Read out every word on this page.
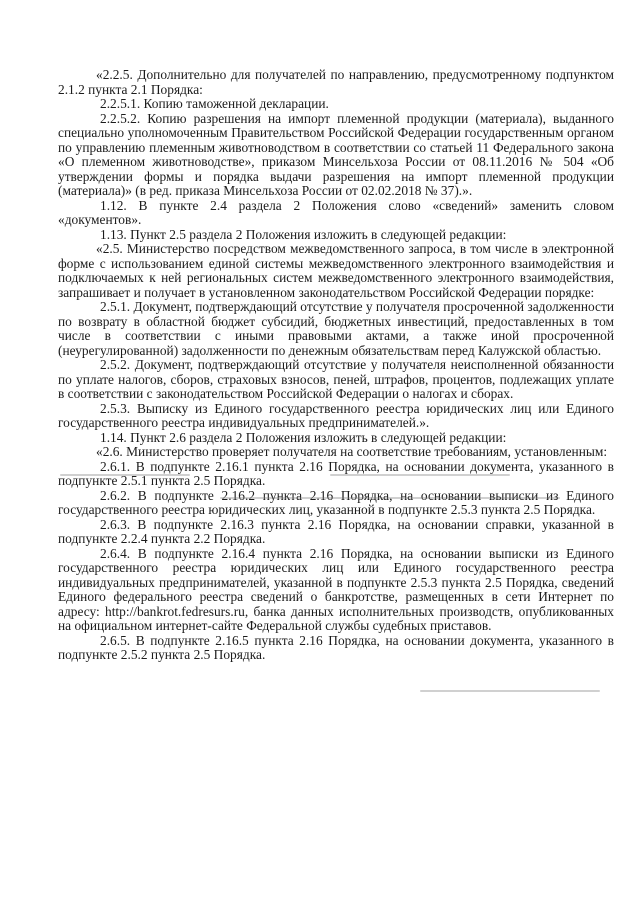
«2.2.5. Дополнительно для получателей по направлению, предусмотренному подпунктом 2.1.2 пункта 2.1 Порядка:

2.2.5.1. Копию таможенной декларации.

2.2.5.2. Копию разрешения на импорт племенной продукции (материала), выданного специально уполномоченным Правительством Российской Федерации государственным органом по управлению племенным животноводством в соответствии со статьей 11 Федерального закона «О племенном животноводстве», приказом Минсельхоза России от 08.11.2016 № 504 «Об утверждении формы и порядка выдачи разрешения на импорт племенной продукции (материала)» (в ред. приказа Минсельхоза России от 02.02.2018 № 37).».

1.12. В пункте 2.4 раздела 2 Положения слово «сведений» заменить словом «документов».

1.13. Пункт 2.5 раздела 2 Положения изложить в следующей редакции:

«2.5. Министерство посредством межведомственного запроса, в том числе в электронной форме с использованием единой системы межведомственного электронного взаимодействия и подключаемых к ней региональных систем межведомственного электронного взаимодействия, запрашивает и получает в установленном законодательством Российской Федерации порядке:

2.5.1. Документ, подтверждающий отсутствие у получателя просроченной задолженности по возврату в областной бюджет субсидий, бюджетных инвестиций, предоставленных в том числе в соответствии с иными правовыми актами, а также иной просроченной (неурегулированной) задолженности по денежным обязательствам перед Калужской областью.

2.5.2. Документ, подтверждающий отсутствие у получателя неисполненной обязанности по уплате налогов, сборов, страховых взносов, пеней, штрафов, процентов, подлежащих уплате в соответствии с законодательством Российской Федерации о налогах и сборах.

2.5.3. Выписку из Единого государственного реестра юридических лиц или Единого государственного реестра индивидуальных предпринимателей.».

1.14. Пункт 2.6 раздела 2 Положения изложить в следующей редакции:

«2.6. Министерство проверяет получателя на соответствие требованиям, установленным:

2.6.1. В подпункте 2.16.1 пункта 2.16 Порядка, на основании документа, указанного в подпункте 2.5.1 пункта 2.5 Порядка.

2.6.2. В подпункте 2.16.2 пункта 2.16 Порядка, на основании выписки из Единого государственного реестра юридических лиц, указанной в подпункте 2.5.3 пункта 2.5 Порядка.

2.6.3. В подпункте 2.16.3 пункта 2.16 Порядка, на основании справки, указанной в подпункте 2.2.4 пункта 2.2 Порядка.

2.6.4. В подпункте 2.16.4 пункта 2.16 Порядка, на основании выписки из Единого государственного реестра юридических лиц или Единого государственного реестра индивидуальных предпринимателей, указанной в подпункте 2.5.3 пункта 2.5 Порядка, сведений Единого федерального реестра сведений о банкротстве, размещенных в сети Интернет по адресу: http://bankrot.fedresurs.ru, банка данных исполнительных производств, опубликованных на официальном интернет-сайте Федеральной службы судебных приставов.

2.6.5. В подпункте 2.16.5 пункта 2.16 Порядка, на основании документа, указанного в подпункте 2.5.2 пункта 2.5 Порядка.
